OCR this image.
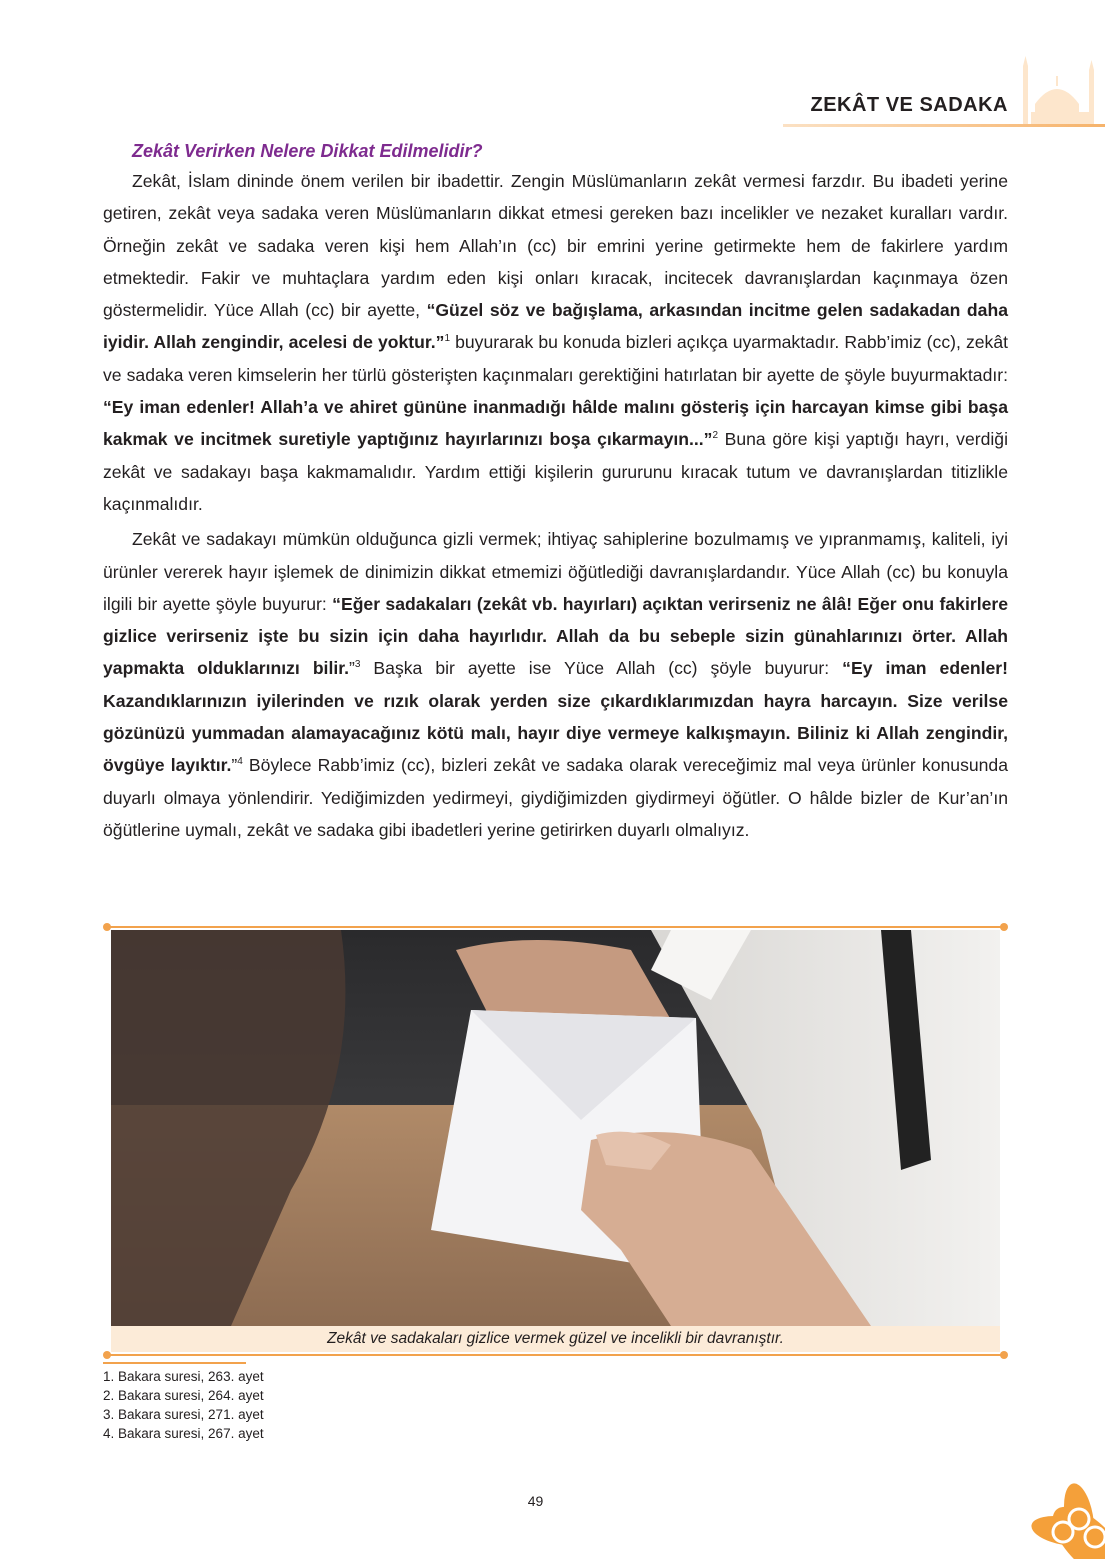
ZEKÂT VE SADAKA
Zekât Verirken Nelere Dikkat Edilmelidir?

Zekât, İslam dininde önem verilen bir ibadettir. Zengin Müslümanların zekât vermesi farzdır. Bu ibadeti yerine getiren, zekât veya sadaka veren Müslümanların dikkat etmesi gereken bazı incelikler ve nezaket kuralları vardır. Örneğin zekât ve sadaka veren kişi hem Allah’ın (cc) bir emrini yerine getirmekte hem de fakirlere yardım etmektedir. Fakir ve muhtaçlara yardım eden kişi onları kıracak, incitecek davranışlardan kaçınmaya özen göstermelidir. Yüce Allah (cc) bir ayette, “Güzel söz ve bağışlama, arkasından incitme gelen sadakadan daha iyidir. Allah zengindir, acelesi de yoktur.”$^1$ buyurarak bu konuda bizleri açıkça uyarmaktadır. Rabb’imiz (cc), zekât ve sadaka veren kimselerin her türlü gösterişten kaçınmaları gerektiğini hatırlatan bir ayette de şöyle buyurmaktadır: “Ey iman edenler! Allah’a ve ahiret gününe inanmadığı hâlde malını gösteriş için harcayan kimse gibi başa kakmak ve incitmek suretiyle yaptığınız hayırlarınızı boşa çıkarmayın...”$^2$ Buna göre kişi yaptığı hayrı, verdiği zekât ve sadakayı başa kakmamalıdır. Yardım ettiği kişilerin gururunu kıracak tutum ve davranışlardan titizlikle kaçınmalıdır.

Zekât ve sadakayı mümkün olduğunca gizli vermek; ihtiyaç sahiplerine bozulmamış ve yıpranmamış, kaliteli, iyi ürünler vererek hayır işlemek de dinimizin dikkat etmemizi öğütlediği davranışlardandır. Yüce Allah (cc) bu konuyla ilgili bir ayette şöyle buyurur: “Eğer sadakaları (zekât vb. hayırları) açıktan verirseniz ne âlâ! Eğer onu fakirlere gizlice verirseniz işte bu sizin için daha hayırlıdır. Allah da bu sebeple sizin günahlarınızı örter. Allah yapmakta olduklarınızı bilir.”$^3$ Başka bir ayette ise Yüce Allah (cc) şöyle buyurur: “Ey iman edenler! Kazandıklarınızın iyilerinden ve rızık olarak yerden size çıkardıklarımızdan hayra harcayın. Size verilse gözünüzü yummadan alamayacağınız kötü malı, hayır diye vermeye kalkışmayın. Biliniz ki Allah zengindir, övgüye layıktır.”$^4$ Böylece Rabb’imiz (cc), bizleri zekât ve sadaka olarak vereceğimiz mal veya ürünler konusunda duyarlı olmaya yönlendirir. Yediğimizden yedirmeyi, giydiğimizden giydirmeyi öğütler. O hâlde bizler de Kur’an’ın öğütlerine uymalı, zekât ve sadaka gibi ibadetleri yerine getirirken duyarlı olmalıyız.

Zekât ve sadakaları gizlice vermek güzel ve incelikli bir davranıştır.
1. Bakara suresi, 263. ayet
2. Bakara suresi, 264. ayet
3. Bakara suresi, 271. ayet
4. Bakara suresi, 267. ayet
49
